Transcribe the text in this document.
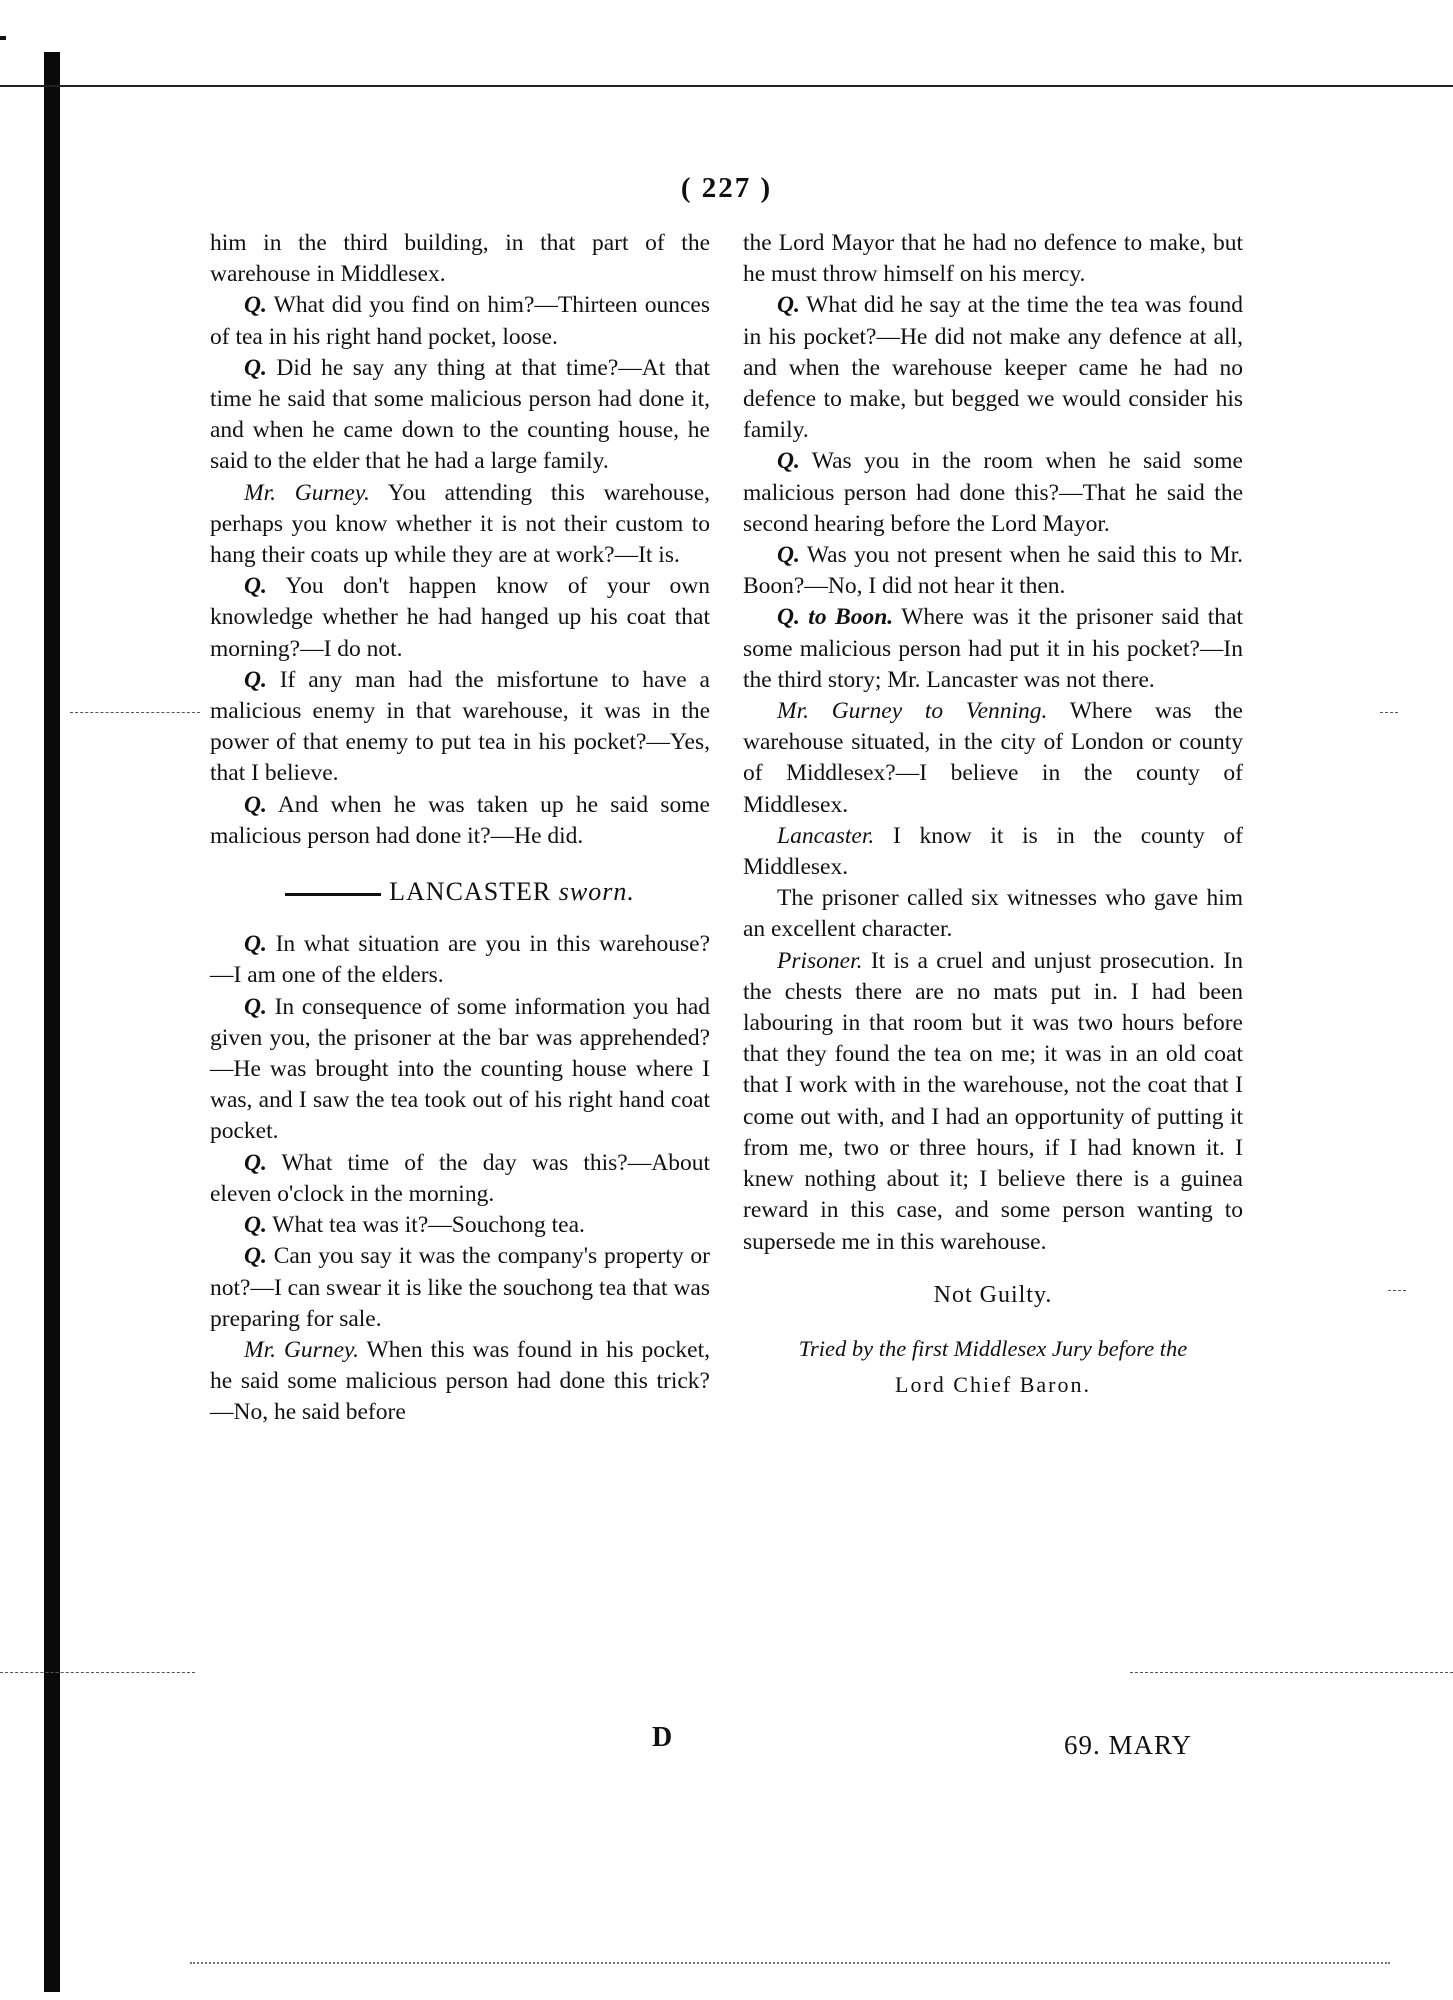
( 227 )

him in the third building, in that part of the warehouse in Middlesex.

Q. What did you find on him?—Thirteen ounces of tea in his right hand pocket, loose.

Q. Did he say any thing at that time?—At that time he said that some malicious person had done it, and when he came down to the counting house, he said to the elder that he had a large family.

Mr. Gurney. You attending this warehouse, perhaps you know whether it is not their custom to hang their coats up while they are at work?—It is.

Q. You don't happen know of your own knowledge whether he had hanged up his coat that morning?—I do not.

Q. If any man had the misfortune to have a malicious enemy in that warehouse, it was in the power of that enemy to put tea in his pocket?—Yes, that I believe.

Q. And when he was taken up he said some malicious person had done it?—He did.

LANCASTER sworn.

Q. In what situation are you in this warehouse?—I am one of the elders.

Q. In consequence of some information you had given you, the prisoner at the bar was apprehended?—He was brought into the counting house where I was, and I saw the tea took out of his right hand coat pocket.

Q. What time of the day was this?—About eleven o'clock in the morning.

Q. What tea was it?—Souchong tea.

Q. Can you say it was the company's property or not?—I can swear it is like the souchong tea that was preparing for sale.

Mr. Gurney. When this was found in his pocket, he said some malicious person had done this trick?—No, he said before

the Lord Mayor that he had no defence to make, but he must throw himself on his mercy.

Q. What did he say at the time the tea was found in his pocket?—He did not make any defence at all, and when the warehouse keeper came he had no defence to make, but begged we would consider his family.

Q. Was you in the room when he said some malicious person had done this?—That he said the second hearing before the Lord Mayor.

Q. Was you not present when he said this to Mr. Boon?—No, I did not hear it then.

Q. to Boon. Where was it the prisoner said that some malicious person had put it in his pocket?—In the third story; Mr. Lancaster was not there.

Mr. Gurney to Venning. Where was the warehouse situated, in the city of London or county of Middlesex?—I believe in the county of Middlesex.

Lancaster. I know it is in the county of Middlesex.

The prisoner called six witnesses who gave him an excellent character.

Prisoner. It is a cruel and unjust prosecution. In the chests there are no mats put in. I had been labouring in that room but it was two hours before that they found the tea on me; it was in an old coat that I work with in the warehouse, not the coat that I come out with, and I had an opportunity of putting it from me, two or three hours, if I had known it. I knew nothing about it; I believe there is a guinea reward in this case, and some person wanting to supersede me in this warehouse.

Not Guilty.
Tried by the first Middlesex Jury before the
Lord Chief Baron.
D	69. MARY
